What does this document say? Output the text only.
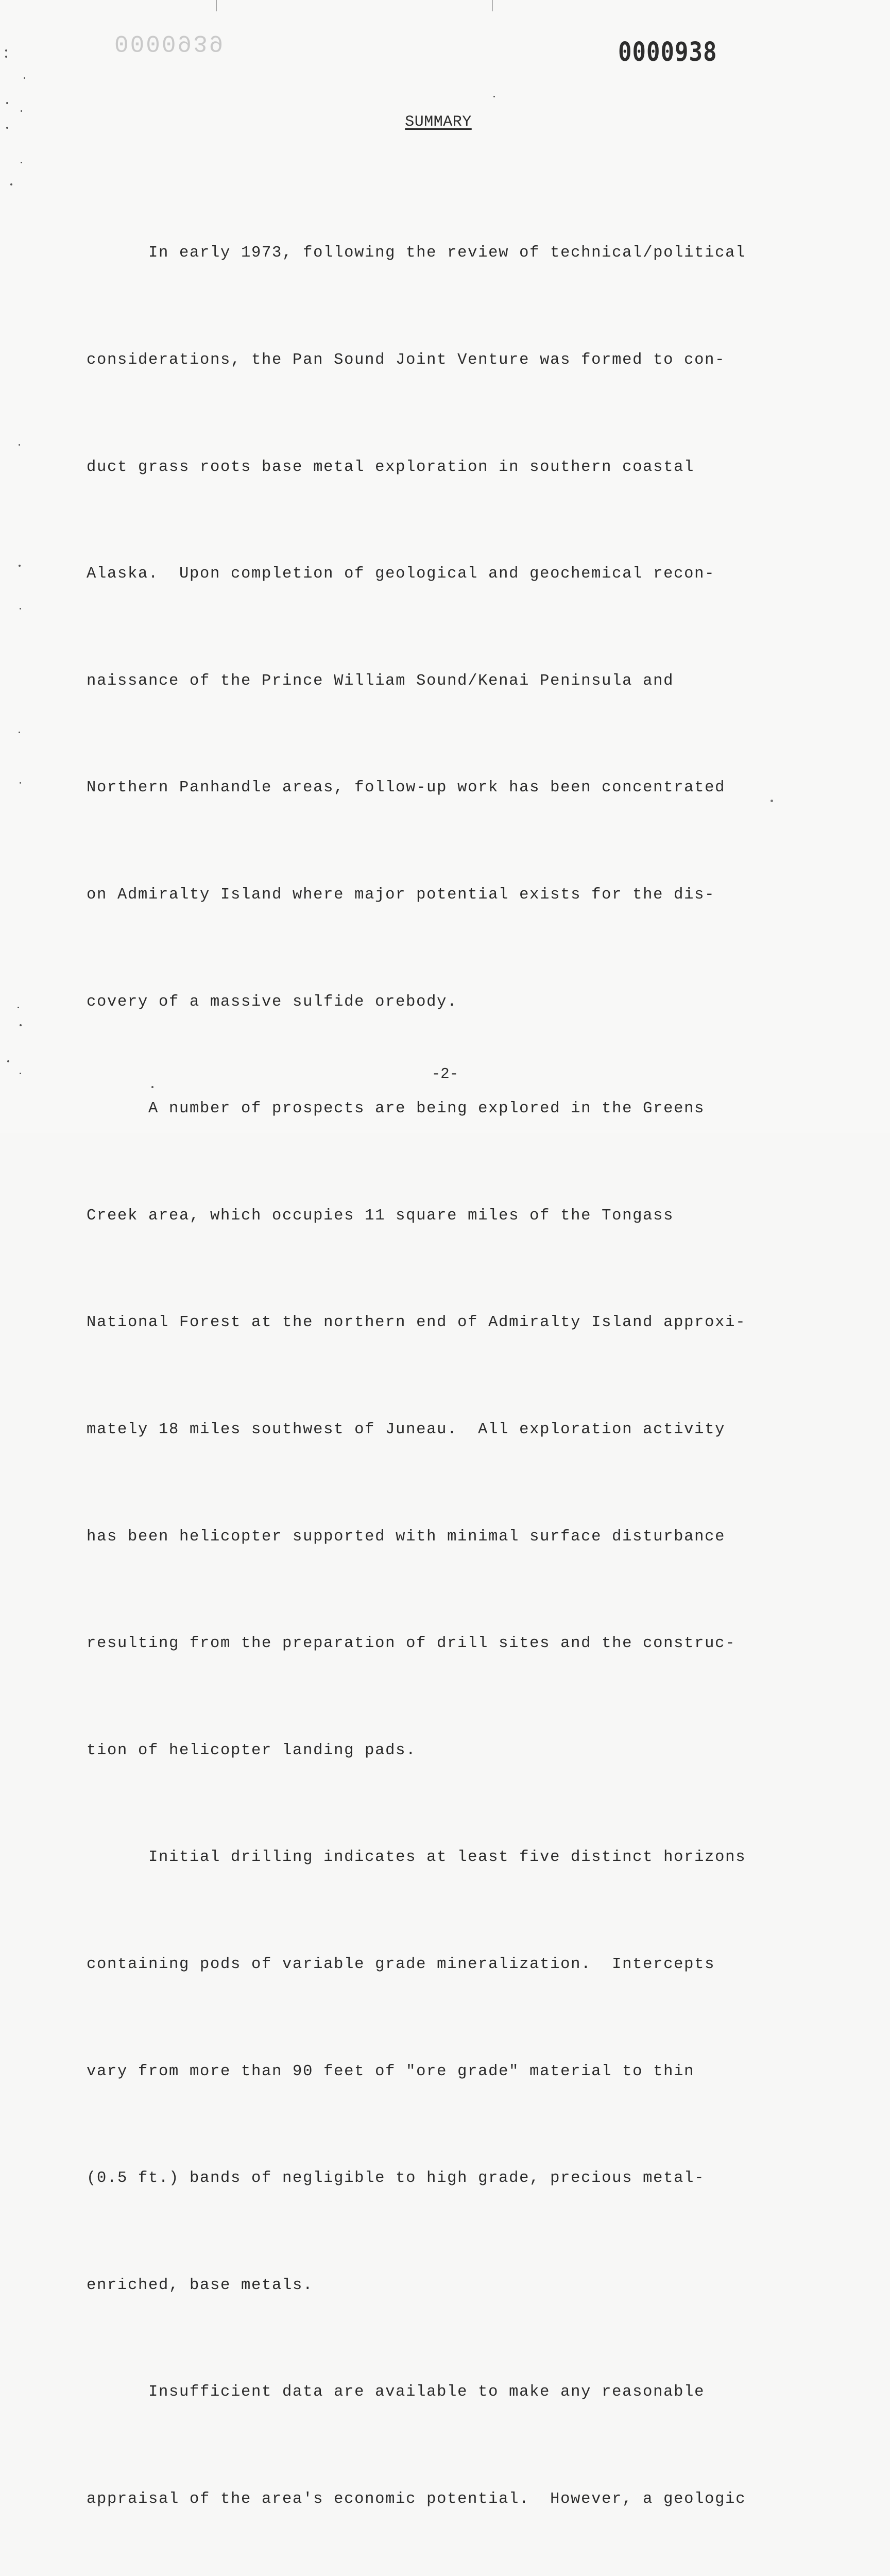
0000939	0000938
SUMMARY

In early 1973, following the review of technical/political

considerations, the Pan Sound Joint Venture was formed to con-

duct grass roots base metal exploration in southern coastal

Alaska.  Upon completion of geological and geochemical recon-

naissance of the Prince William Sound/Kenai Peninsula and

Northern Panhandle areas, follow-up work has been concentrated

on Admiralty Island where major potential exists for the dis-

covery of a massive sulfide orebody.

A number of prospects are being explored in the Greens

Creek area, which occupies 11 square miles of the Tongass

National Forest at the northern end of Admiralty Island approxi-

mately 18 miles southwest of Juneau.  All exploration activity

has been helicopter supported with minimal surface disturbance

resulting from the preparation of drill sites and the construc-

tion of helicopter landing pads.

Initial drilling indicates at least five distinct horizons

containing pods of variable grade mineralization.  Intercepts

vary from more than 90 feet of "ore grade" material to thin

(0.5 ft.) bands of negligible to high grade, precious metal-

enriched, base metals.

Insufficient data are available to make any reasonable

appraisal of the area's economic potential.  However, a geologic

-2-
